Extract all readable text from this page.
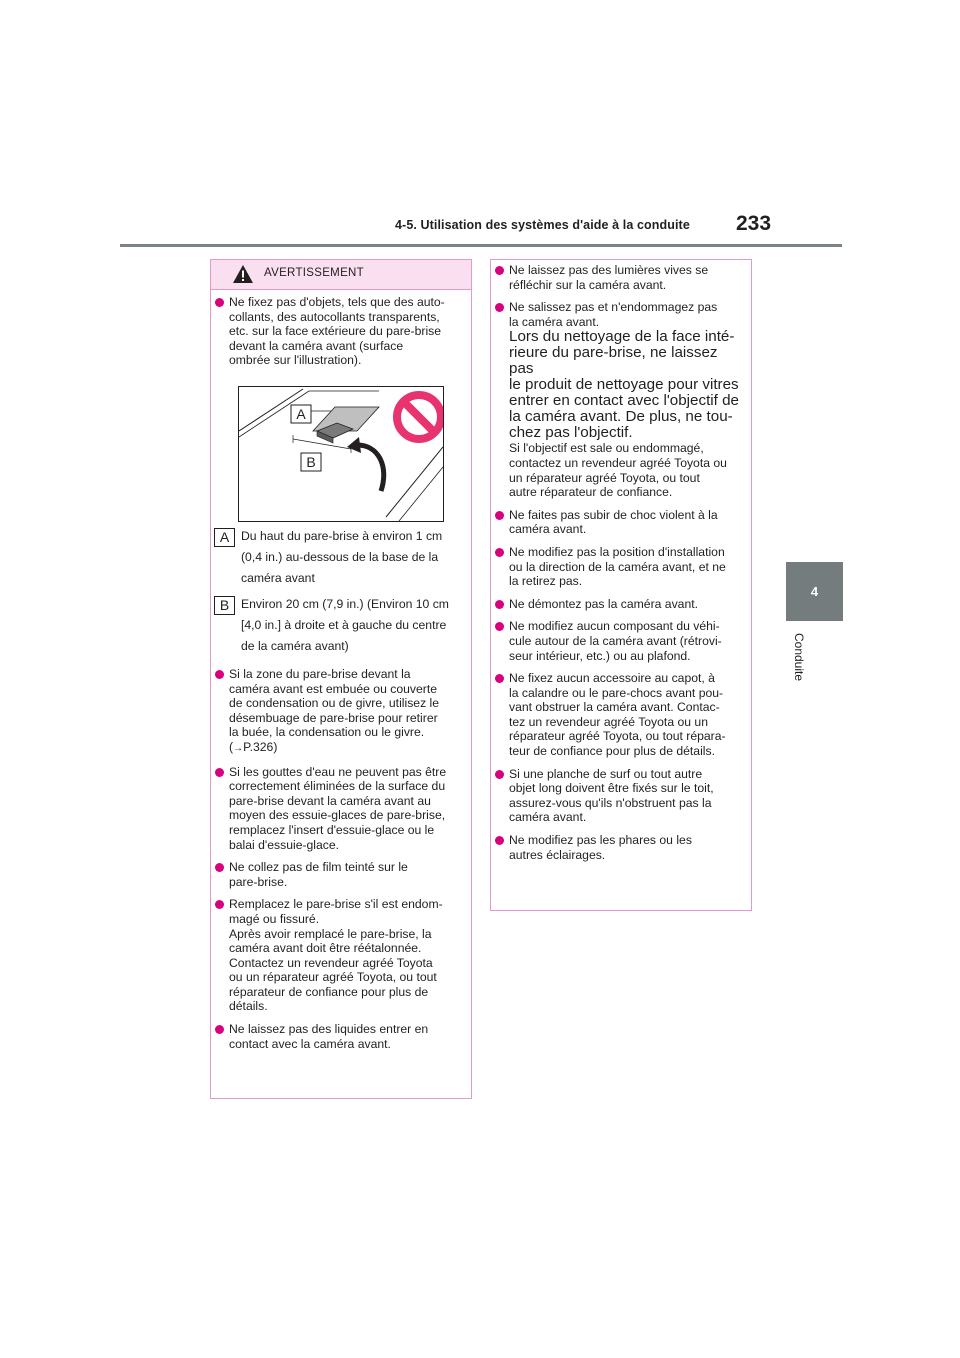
4-5. Utilisation des systèmes d'aide à la conduite 233
4
Conduite
AVERTISSEMENT
Ne fixez pas d'objets, tels que des auto-
collants, des autocollants transparents,
etc. sur la face extérieure du pare-brise
devant la caméra avant (surface
ombrée sur l'illustration).
A
B
A Du haut du pare-brise à environ 1 cm
(0,4 in.) au-dessous de la base de la
caméra avant
B Environ 20 cm (7,9 in.) (Environ 10 cm
[4,0 in.] à droite et à gauche du centre
de la caméra avant)
Si la zone du pare-brise devant la
caméra avant est embuée ou couverte
de condensation ou de givre, utilisez le
désembuage de pare-brise pour retirer
la buée, la condensation ou le givre.
(→P.326)
Si les gouttes d'eau ne peuvent pas être
correctement éliminées de la surface du
pare-brise devant la caméra avant au
moyen des essuie-glaces de pare-brise,
remplacez l'insert d'essuie-glace ou le
balai d'essuie-glace.
Ne collez pas de film teinté sur le
pare-brise.
Remplacez le pare-brise s'il est endom-
magé ou fissuré.
Après avoir remplacé le pare-brise, la
caméra avant doit être réétalonnée.
Contactez un revendeur agréé Toyota
ou un réparateur agréé Toyota, ou tout
réparateur de confiance pour plus de
détails.
Ne laissez pas des liquides entrer en
contact avec la caméra avant.
Ne laissez pas des lumières vives se
réfléchir sur la caméra avant.
Ne salissez pas et n'endommagez pas
la caméra avant.
Lors du nettoyage de la face inté-
rieure du pare-brise, ne laissez pas
le produit de nettoyage pour vitres
entrer en contact avec l'objectif de
la caméra avant. De plus, ne tou-
chez pas l'objectif.
Si l'objectif est sale ou endommagé,
contactez un revendeur agréé Toyota ou
un réparateur agréé Toyota, ou tout
autre réparateur de confiance.
Ne faites pas subir de choc violent à la
caméra avant.
Ne modifiez pas la position d'installation
ou la direction de la caméra avant, et ne
la retirez pas.
Ne démontez pas la caméra avant.
Ne modifiez aucun composant du véhi-
cule autour de la caméra avant (rétrovi-
seur intérieur, etc.) ou au plafond.
Ne fixez aucun accessoire au capot, à
la calandre ou le pare-chocs avant pou-
vant obstruer la caméra avant. Contac-
tez un revendeur agréé Toyota ou un
réparateur agréé Toyota, ou tout répara-
teur de confiance pour plus de détails.
Si une planche de surf ou tout autre
objet long doivent être fixés sur le toit,
assurez-vous qu'ils n'obstruent pas la
caméra avant.
Ne modifiez pas les phares ou les
autres éclairages.
